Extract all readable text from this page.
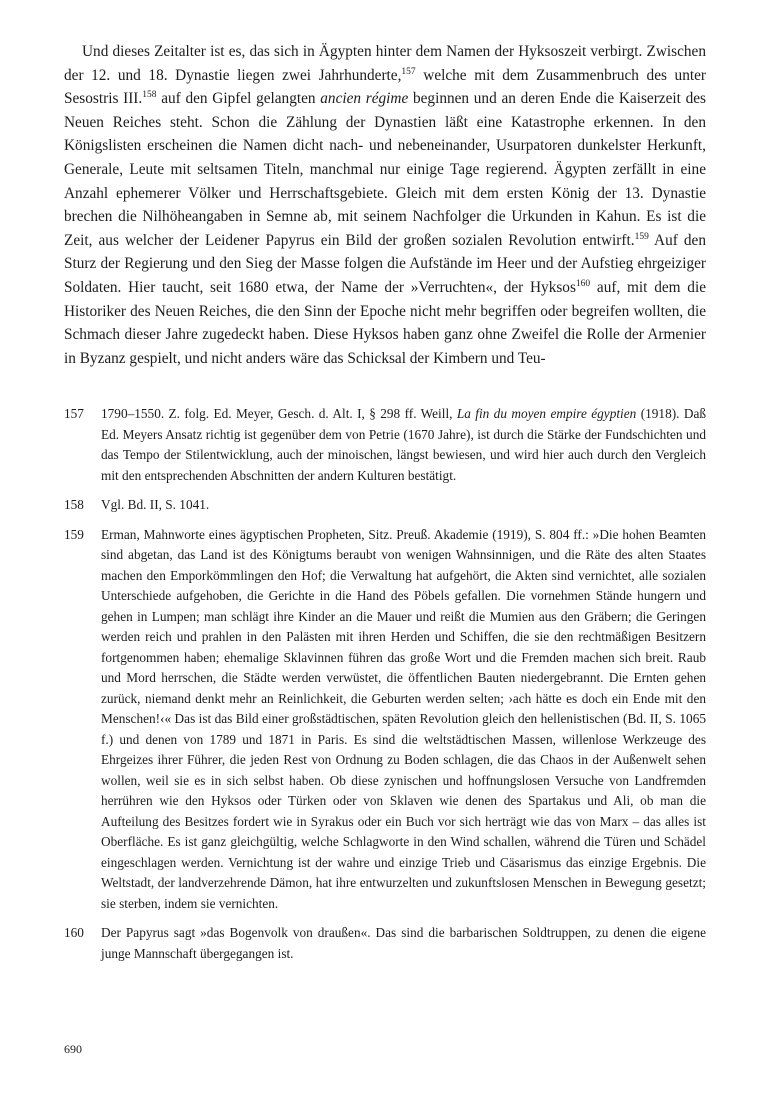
Und dieses Zeitalter ist es, das sich in Ägypten hinter dem Namen der Hyksoszeit verbirgt. Zwischen der 12. und 18. Dynastie liegen zwei Jahrhunderte,$^{157}$ welche mit dem Zusammenbruch des unter Sesostris III.$^{158}$ auf den Gipfel gelangten ancien régime beginnen und an deren Ende die Kaiserzeit des Neuen Reiches steht. Schon die Zählung der Dynastien läßt eine Katastrophe erkennen. In den Königslisten erscheinen die Namen dicht nach- und nebeneinander, Usurpatoren dunkelster Herkunft, Generale, Leute mit seltsamen Titeln, manchmal nur einige Tage regierend. Ägypten zerfällt in eine Anzahl ephemerer Völker und Herrschaftsgebiete. Gleich mit dem ersten König der 13. Dynastie brechen die Nilhöheangaben in Semne ab, mit seinem Nachfolger die Urkunden in Kahun. Es ist die Zeit, aus welcher der Leidener Papyrus ein Bild der großen sozialen Revolution entwirft.$^{159}$ Auf den Sturz der Regierung und den Sieg der Masse folgen die Aufstände im Heer und der Aufstieg ehrgeiziger Soldaten. Hier taucht, seit 1680 etwa, der Name der »Verruchten«, der Hyksos$^{160}$ auf, mit dem die Historiker des Neuen Reiches, die den Sinn der Epoche nicht mehr begriffen oder begreifen wollten, die Schmach dieser Jahre zugedeckt haben. Diese Hyksos haben ganz ohne Zweifel die Rolle der Armenier in Byzanz gespielt, und nicht anders wäre das Schicksal der Kimbern und Teu-

157	1790–1550. Z. folg. Ed. Meyer, Gesch. d. Alt. I, § 298 ff. Weill, La fin du moyen empire égyptien (1918). Daß Ed. Meyers Ansatz richtig ist gegenüber dem von Petrie (1670 Jahre), ist durch die Stärke der Fundschichten und das Tempo der Stilentwicklung, auch der minoischen, längst bewiesen, und wird hier auch durch den Vergleich mit den entsprechenden Abschnitten der andern Kulturen bestätigt.
158	Vgl. Bd. II, S. 1041.
159	Erman, Mahnworte eines ägyptischen Propheten, Sitz. Preuß. Akademie (1919), S. 804 ff.: »Die hohen Beamten sind abgetan, das Land ist des Königtums beraubt von wenigen Wahnsinnigen, und die Räte des alten Staates machen den Emporkömmlingen den Hof; die Verwaltung hat aufgehört, die Akten sind vernichtet, alle sozialen Unterschiede aufgehoben, die Gerichte in die Hand des Pöbels gefallen. Die vornehmen Stände hungern und gehen in Lumpen; man schlägt ihre Kinder an die Mauer und reißt die Mumien aus den Gräbern; die Geringen werden reich und prahlen in den Palästen mit ihren Herden und Schiffen, die sie den rechtmäßigen Besitzern fortgenommen haben; ehemalige Sklavinnen führen das große Wort und die Fremden machen sich breit. Raub und Mord herrschen, die Städte werden verwüstet, die öffentlichen Bauten niedergebrannt. Die Ernten gehen zurück, niemand denkt mehr an Reinlichkeit, die Geburten werden selten; ›ach hätte es doch ein Ende mit den Menschen!‹« Das ist das Bild einer großstädtischen, späten Revolution gleich den hellenistischen (Bd. II, S. 1065 f.) und denen von 1789 und 1871 in Paris. Es sind die weltstädtischen Massen, willenlose Werkzeuge des Ehrgeizes ihrer Führer, die jeden Rest von Ordnung zu Boden schlagen, die das Chaos in der Außenwelt sehen wollen, weil sie es in sich selbst haben. Ob diese zynischen und hoffnungslosen Versuche von Landfremden herrühren wie den Hyksos oder Türken oder von Sklaven wie denen des Spartakus und Ali, ob man die Aufteilung des Besitzes fordert wie in Syrakus oder ein Buch vor sich herträgt wie das von Marx – das alles ist Oberfläche. Es ist ganz gleichgültig, welche Schlagworte in den Wind schallen, während die Türen und Schädel eingeschlagen werden. Vernichtung ist der wahre und einzige Trieb und Cäsarismus das einzige Ergebnis. Die Weltstadt, der landverzehrende Dämon, hat ihre entwurzelten und zukunftslosen Menschen in Bewegung gesetzt; sie sterben, indem sie vernichten.
160	Der Papyrus sagt »das Bogenvolk von draußen«. Das sind die barbarischen Soldtruppen, zu denen die eigene junge Mannschaft übergegangen ist.
690
